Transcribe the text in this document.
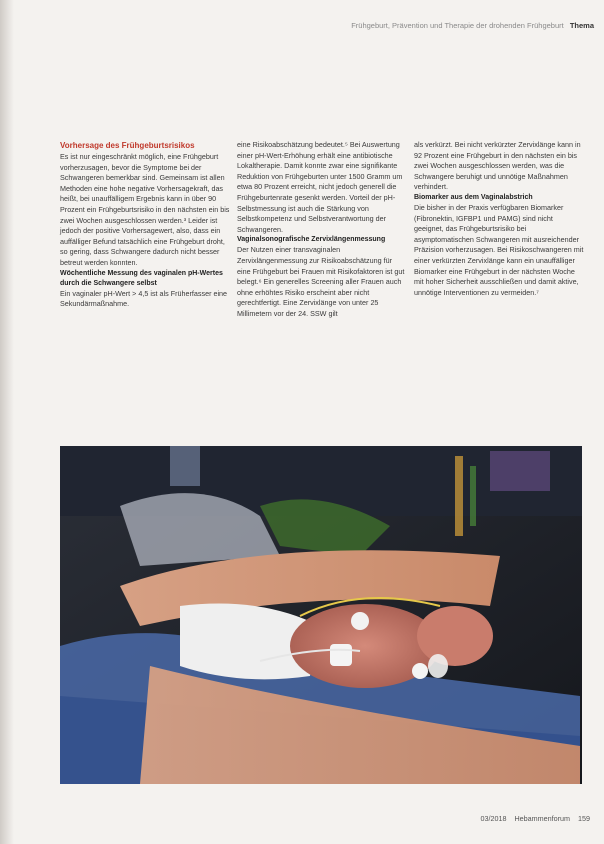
Frühgeburt, Prävention und Therapie der drohenden Frühgeburt Thema

Vorhersage des Frühgeburtsrisikos

Es ist nur eingeschränkt möglich, eine Frühgeburt vorherzusagen, bevor die Symptome bei der Schwangeren bemerkbar sind. Gemeinsam ist allen Methoden eine hohe negative Vorhersagekraft, das heißt, bei unauffälligem Ergebnis kann in über 90 Prozent ein Frühgeburtsrisiko in den nächsten ein bis zwei Wochen ausgeschlossen werden.³ Leider ist jedoch der positive Vorhersagewert, also, dass ein auffälliger Befund tatsächlich eine Frühgeburt droht, so gering, dass Schwangere dadurch nicht besser betreut werden konnten.

Wöchentliche Messung des vaginalen pH-Wertes durch die Schwangere selbst

Ein vaginaler pH-Wert > 4,5 ist als Früherfasser eine Sekundärmaßnahme.

eine Risikoabschätzung bedeutet.⁵ Bei Auswertung einer pH-Wert-Erhöhung erhält eine antibiotische Lokaltherapie. Damit konnte zwar eine signifikante Reduktion von Frühgeburten unter 1500 Gramm um etwa 80 Prozent erreicht, nicht jedoch generell die Frühgeburtenrate gesenkt werden. Vorteil der pH-Selbstmessung ist auch die Stärkung von Selbstkompetenz und Selbstverantwortung der Schwangeren.

Vaginalsonografische Zervixlängenmessung

Der Nutzen einer transvaginalen Zervixlängenmessung zur Risikoabschätzung für eine Frühgeburt bei Frauen mit Risikofaktoren ist gut belegt.⁶ Ein generelles Screening aller Frauen auch ohne erhöhtes Risiko erscheint aber nicht gerechtfertigt. Eine Zervixlänge von unter 25 Millimetern vor der 24. SSW gilt

als verkürzt. Bei nicht verkürzter Zervixlänge kann in 92 Prozent eine Frühgeburt in den nächsten ein bis zwei Wochen ausgeschlossen werden, was die Schwangere beruhigt und unnötige Maßnahmen verhindert.

Biomarker aus dem Vaginalabstrich

Die bisher in der Praxis verfügbaren Biomarker (Fibronektin, IGFBP1 und PAMG) sind nicht geeignet, das Frühgeburtsrisiko bei asymptomatischen Schwangeren mit ausreichender Präzision vorherzusagen. Bei Risikoschwangeren mit einer verkürzten Zervixlänge kann ein unauffälliger Biomarker eine Frühgeburt in der nächsten Woche mit hoher Sicherheit ausschließen und damit aktive, unnötige Interventionen zu vermeiden.⁷

03/2018 Hebammenforum 159
